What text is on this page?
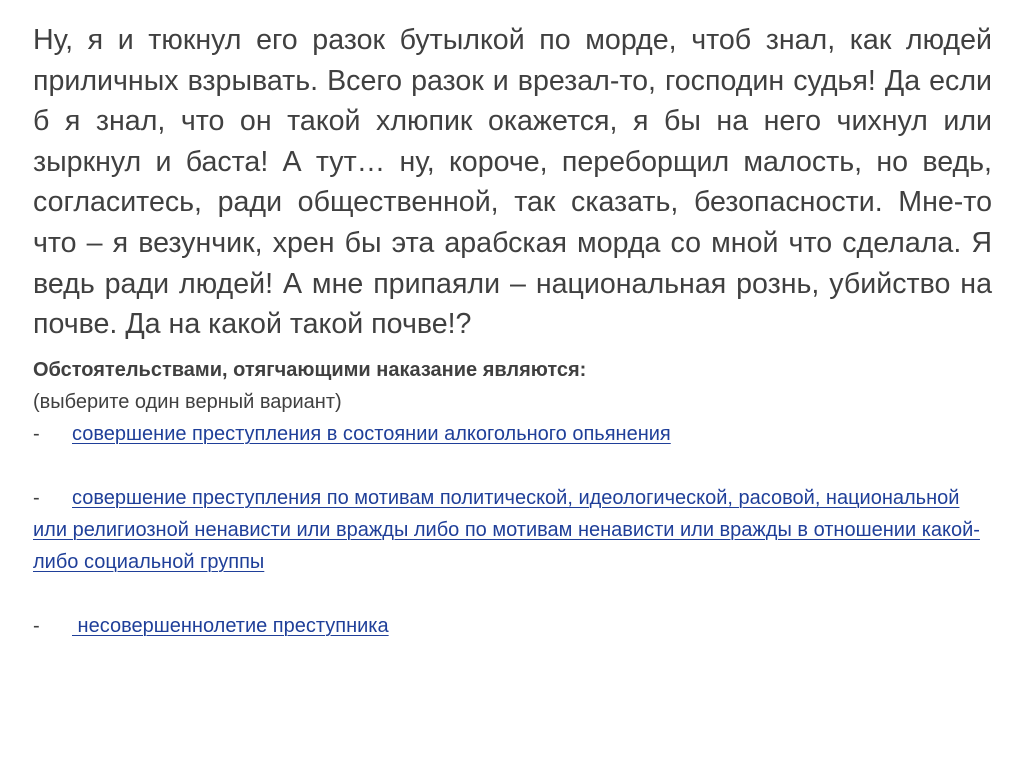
Ну, я и тюкнул его разок бутылкой по морде, чтоб знал, как людей приличных взрывать. Всего разок и врезал-то, господин судья! Да если б я знал, что он такой хлюпик окажется, я бы на него чихнул или зыркнул и баста! А тут… ну, короче, переборщил малость, но ведь, согласитесь, ради общественной, так сказать, безопасности. Мне-то что – я везунчик, хрен бы эта арабская морда со мной что сделала. Я ведь ради людей! А мне припаяли – национальная рознь, убийство на почве. Да на какой такой почве!?

Обстоятельствами, отягчающими наказание являются:

(выберите один верный вариант)

- совершение преступления в состоянии алкогольного опьянения

- совершение преступления по мотивам политической, идеологической, расовой, национальной или религиозной ненависти или вражды либо по мотивам ненависти или вражды в отношении какой-либо социальной группы

- несовершеннолетие преступника
